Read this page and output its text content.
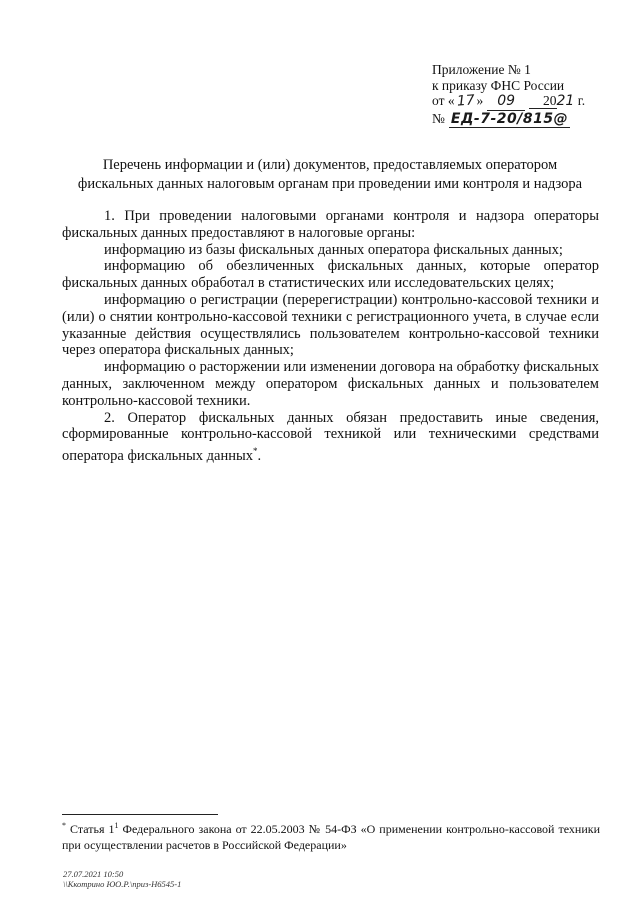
Приложение № 1
к приказу ФНС России
от «17 » 09 2021 г.
№ ЕД-7-20/815@
Перечень информации и (или) документов, предоставляемых оператором
фискальных данных налоговым органам при проведении ими контроля и надзора

1. При проведении налоговыми органами контроля и надзора операторы фискальных данных предоставляют в налоговые органы:

информацию из базы фискальных данных оператора фискальных данных;

информацию об обезличенных фискальных данных, которые оператор фискальных данных обработал в статистических или исследовательских целях;

информацию о регистрации (перерегистрации) контрольно-кассовой техники и (или) о снятии контрольно-кассовой техники с регистрационного учета, в случае если указанные действия осуществлялись пользователем контрольно-кассовой техники через оператора фискальных данных;

информацию о расторжении или изменении договора на обработку фискальных данных, заключенном между оператором фискальных данных и пользователем контрольно-кассовой техники.

2. Оператор фискальных данных обязан предоставить иные сведения, сформированные контрольно-кассовой техникой или техническими средствами оператора фискальных данных*.

* Статья $1^1$ Федерального закона от 22.05.2003 № 54-ФЗ «О применении контрольно-кассовой техники при осуществлении расчетов в Российской Федерации»
27.07.2021 10:50
\\Ккотрино ЮО.Р.\приз-Н6545-1
